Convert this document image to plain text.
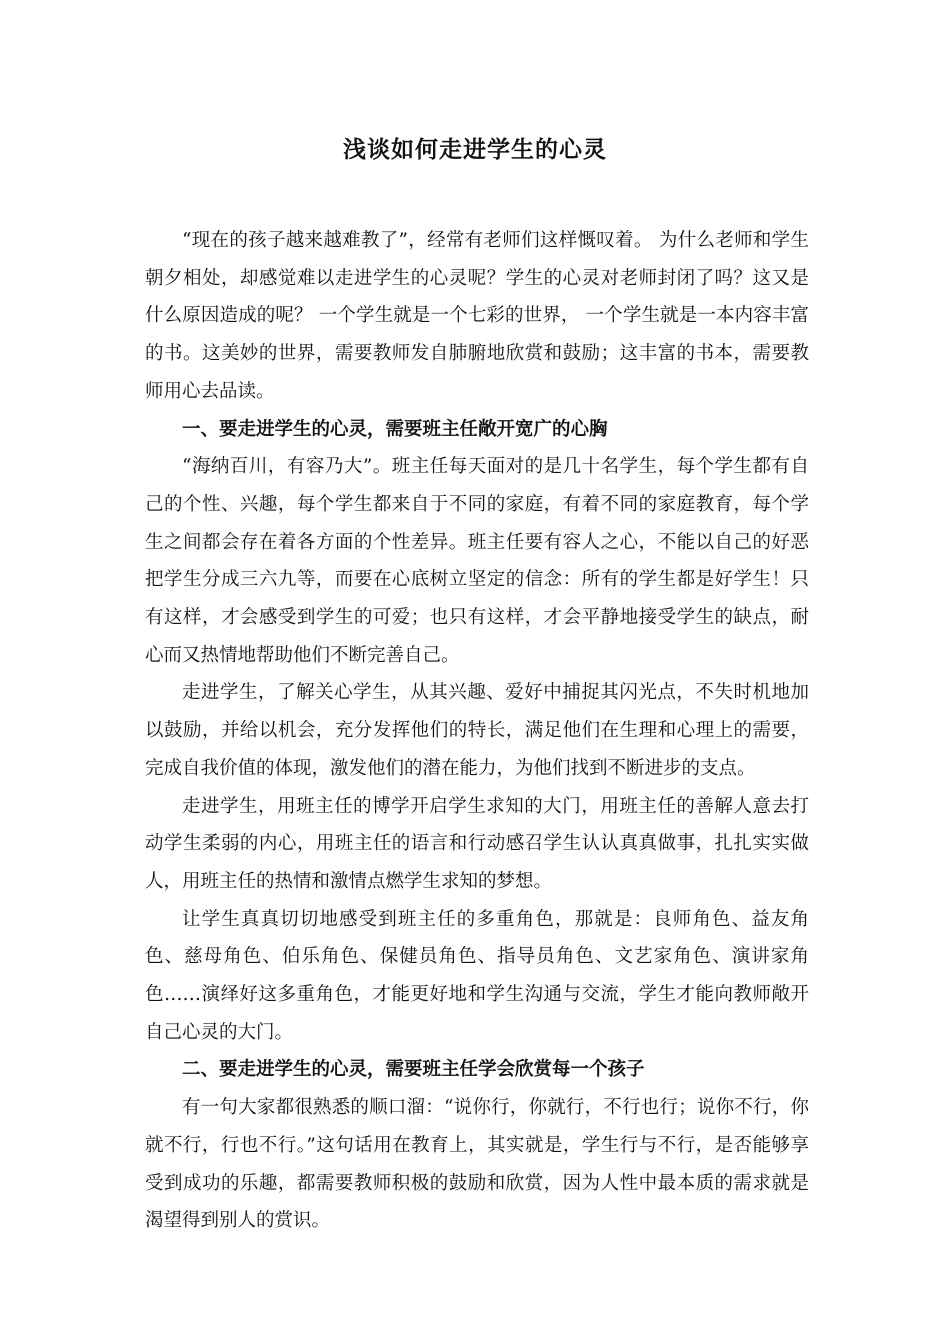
浅谈如何走进学生的心灵

“现在的孩子越来越难教了”，经常有老师们这样慨叹着。 为什么老师和学生朝夕相处，却感觉难以走进学生的心灵呢？学生的心灵对老师封闭了吗？这又是什么原因造成的呢？ 一个学生就是一个七彩的世界， 一个学生就是一本内容丰富的书。这美妙的世界，需要教师发自肺腑地欣赏和鼓励；这丰富的书本，需要教师用心去品读。

一、要走进学生的心灵，需要班主任敞开宽广的心胸

“海纳百川，有容乃大”。班主任每天面对的是几十名学生，每个学生都有自己的个性、兴趣，每个学生都来自于不同的家庭，有着不同的家庭教育，每个学生之间都会存在着各方面的个性差异。班主任要有容人之心，不能以自己的好恶把学生分成三六九等，而要在心底树立坚定的信念：所有的学生都是好学生！只有这样，才会感受到学生的可爱；也只有这样，才会平静地接受学生的缺点，耐心而又热情地帮助他们不断完善自己。

走进学生，了解关心学生，从其兴趣、爱好中捕捉其闪光点，不失时机地加以鼓励，并给以机会，充分发挥他们的特长，满足他们在生理和心理上的需要，完成自我价值的体现，激发他们的潜在能力，为他们找到不断进步的支点。

走进学生，用班主任的博学开启学生求知的大门，用班主任的善解人意去打动学生柔弱的内心，用班主任的语言和行动感召学生认认真真做事，扎扎实实做人，用班主任的热情和激情点燃学生求知的梦想。

让学生真真切切地感受到班主任的多重角色，那就是：良师角色、益友角色、慈母角色、伯乐角色、保健员角色、指导员角色、文艺家角色、演讲家角色……演绎好这多重角色，才能更好地和学生沟通与交流，学生才能向教师敞开自己心灵的大门。

二、要走进学生的心灵，需要班主任学会欣赏每一个孩子

有一句大家都很熟悉的顺口溜：“说你行，你就行，不行也行；说你不行，你就不行，行也不行。”这句话用在教育上，其实就是，学生行与不行，是否能够享受到成功的乐趣，都需要教师积极的鼓励和欣赏，因为人性中最本质的需求就是渴望得到别人的赏识。
